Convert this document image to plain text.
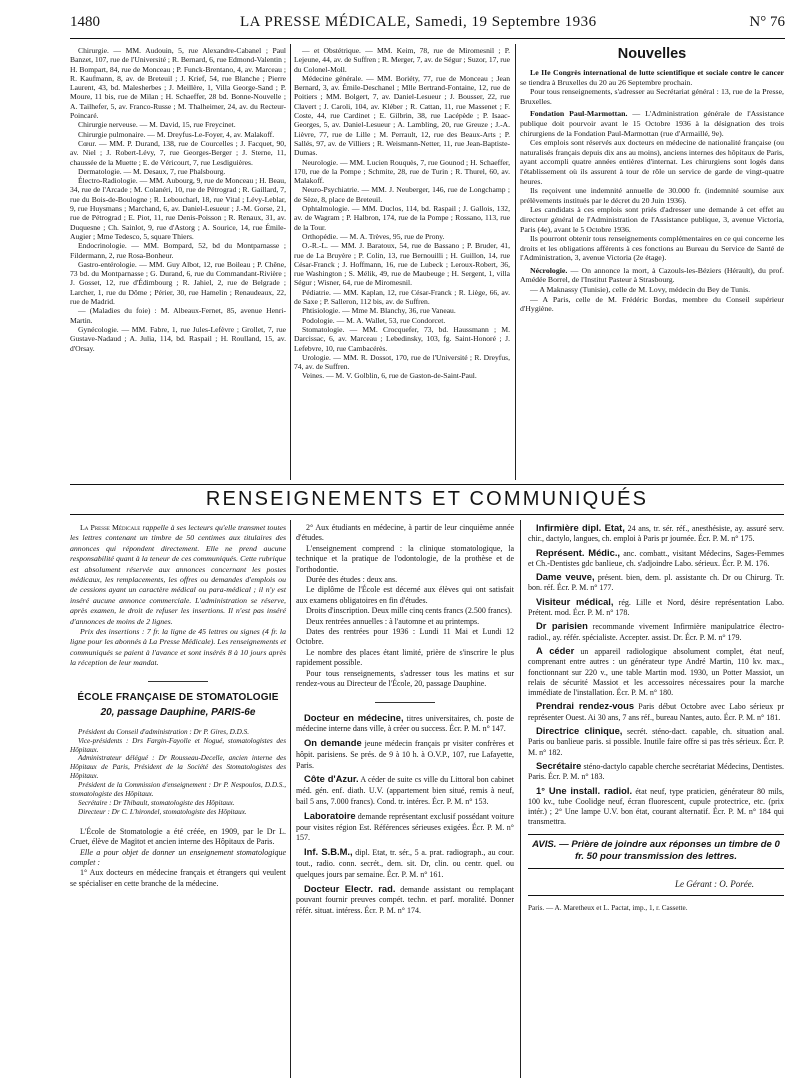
1480	LA PRESSE MÉDICALE, Samedi, 19 Septembre 1936	N° 76

Chirurgie. — MM. Audouin, 5, rue Alexandre-Cabanel ; Paul Banzet, 107, rue de l'Université ; R. Bernard, 6, rue Edmond-Valentin ; H. Bompart, 84, rue de Monceau ; P. Funck-Brentano, 4, av. Marceau ; R. Kaufmann, 8, av. de Breteuil ; J. Krief, 54, rue Blanche ; Pierre Laurent, 43, bd. Malesherbes ; J. Meillère, 1, Villa George-Sand ; P. Moure, 11 bis, rue de Milan ; H. Schaeffer, 28 bd. Bonne-Nouvelle ; A. Tailhefer, 5, av. Franco-Russe ; M. Thalheimer, 24, av. du Recteur-Poincaré.

Chirurgie nerveuse. — M. David, 15, rue Freycinet.

Chirurgie pulmonaire. — M. Dreyfus-Le-Foyer, 4, av. Malakoff.

Cœur. — MM. P. Durand, 138, rue de Courcelles ; J. Facquet, 90, av. Niel ; J. Robert-Lévy, 7, rue Georges-Berger ; J. Sterne, 11, chaussée de la Muette ; E. de Véricourt, 7, rue Lesdiguières.

Dermatologie. — M. Desaux, 7, rue Phalsbourg.

Électro-Radiologie. — MM. Aubourg, 9, rue de Monceau ; H. Beau, 34, rue de l'Arcade ; M. Colanéri, 10, rue de Pétrograd ; R. Gaillard, 7, rue du Bois-de-Boulogne ; R. Leboucharl, 18, rue Vital ; Lévy-Leblar, 9, rue Huysmans ; Marchand, 6, av. Daniel-Lesueur ; J.-M. Gorse, 21, rue de Pétrograd ; E. Piot, 11, rue Denis-Poisson ; R. Renaux, 31, av. Duquesne ; Ch. Sainlot, 9, rue d'Astorg ; A. Sourice, 14, rue Émile-Augier ; Mme Tedesco, 5, square Thiers.

Endocrinologie. — MM. Bompard, 52, bd du Montparnasse ; Fildermann, 2, rue Rosa-Bonheur.

Gastro-entérologie. — MM. Guy Albot, 12, rue Boileau ; P. Chêne, 73 bd. du Montparnasse ; G. Durand, 6, rue du Commandant-Rivière ; J. Gosset, 12, rue d'Édimbourg ; R. Jahiel, 2, rue de Belgrade ; Larcher, 1, rue du Dôme ; Périer, 30, rue Hamelin ; Renaudeaux, 22, rue de Madrid.

— (Maladies du foie) : M. Albeaux-Fernet, 85, avenue Henri-Martin.

Gynécologie. — MM. Fabre, 1, rue Jules-Lefèvre ; Grollet, 7, rue Gustave-Nadaud ; A. Julia, 114, bd. Raspail ; H. Roulland, 15, av. d'Orsay.

— et Obstétrique. — MM. Keim, 78, rue de Miromesnil ; P. Lejeune, 44, av. de Suffren ; R. Merger, 7, av. de Ségur ; Suzor, 17, rue du Colonel-Moll.

Médecine générale. — MM. Boriéty, 77, rue de Monceau ; Jean Bernard, 3, av. Émile-Deschanel ; Mlle Bertrand-Fontaine, 12, rue de Poitiers ; MM. Bolgert, 7, av. Daniel-Lesueur ; J. Bousser, 22, rue Clavert ; J. Caroli, 104, av. Kléber ; R. Cattan, 11, rue Massenet ; F. Coste, 44, rue Cardinet ; E. Gilbrin, 38, rue Lacépède ; P. Isaac-Georges, 5, av. Daniel-Lesueur ; A. Lambling, 20, rue Greuze ; J.-A. Lièvre, 77, rue de Lille ; M. Perrault, 12, rue des Beaux-Arts ; P. Sallés, 97, av. de Villiers ; R. Weismann-Netter, 11, rue Jean-Baptiste-Dumas.

Neurologie. — MM. Lucien Rouquès, 7, rue Gounod ; H. Schaeffer, 170, rue de la Pompe ; Schmite, 28, rue de Turin ; R. Thurel, 60, av. Malakoff.

Neuro-Psychiatrie. — MM. J. Neuberger, 146, rue de Longchamp ; de Sèze, 8, place de Breteuil.

Ophtalmologie. — MM. Duclos, 114, bd. Raspail ; J. Gallois, 132, av. de Wagram ; P. Halbron, 174, rue de la Pompe ; Rossano, 113, rue de la Tour.

Orthopédie. — M. A. Trèves, 95, rue de Prony.

O.-R.-L. — MM. J. Baratoux, 54, rue de Bassano ; P. Bruder, 41, rue de La Bruyère ; P. Colin, 13, rue Bernouilli ; H. Guillon, 14, rue César-Franck ; J. Hoffmann, 16, rue de Lubeck ; Leroux-Robert, 36, rue Washington ; S. Mélik, 49, rue de Maubeuge ; H. Sergent, 1, villa Ségur ; Wisner, 64, rue de Miromesnil.

Pédiatrie. — MM. Kaplan, 12, rue César-Franck ; R. Liège, 66, av. de Saxe ; P. Salleron, 112 bis, av. de Suffren.

Phtisiologie. — Mme M. Blanchy, 36, rue Vaneau.

Podologie. — M. A. Wallet, 53, rue Condorcet.

Stomatologie. — MM. Crocquefer, 73, bd. Haussmann ; M. Darcissac, 6, av. Marceau ; Lebedinsky, 103, fg. Saint-Honoré ; J. Lefebvre, 10, rue Cambacérès.

Urologie. — MM. R. Dossot, 170, rue de l'Université ; R. Dreyfus, 74, av. de Suffren.

Veines. — M. V. Golblin, 6, rue de Gaston-de-Saint-Paul.

Nouvelles

Le IIe Congrès international de lutte scientifique et sociale contre le cancer se tiendra à Bruxelles du 20 au 26 Septembre prochain.

Pour tous renseignements, s'adresser au Secrétariat général : 13, rue de la Presse, Bruxelles.

Fondation Paul-Marmottan. — L'Administration générale de l'Assistance publique doit pourvoir avant le 15 Octobre 1936 à la désignation des trois chirurgiens de la Fondation Paul-Marmottan (rue d'Armaillé, 9e).

Ces emplois sont réservés aux docteurs en médecine de nationalité française (ou naturalisés français depuis dix ans au moins), anciens internes des hôpitaux de Paris, ayant accompli quatre années entières d'internat. Les chirurgiens sont logés dans l'établissement où ils assurent à tour de rôle un service de garde de vingt-quatre heures.

Ils reçoivent une indemnité annuelle de 30.000 fr. (indemnité soumise aux prélèvements institués par le décret du 20 Juin 1936).

Les candidats à ces emplois sont priés d'adresser une demande à cet effet au directeur général de l'Administration de l'Assistance publique, 3, avenue Victoria, Paris (4e), avant le 5 Octobre 1936.

Ils pourront obtenir tous renseignements complémentaires en ce qui concerne les droits et les obligations afférents à ces fonctions au Bureau du Service de Santé de l'Administration, 3, avenue Victoria (2e étage).

Nécrologie. — On annonce la mort, à Cazouls-les-Béziers (Hérault), du prof. Amédée Borrel, de l'Institut Pasteur à Strasbourg.

— A Maknassy (Tunisie), celle de M. Lovy, médecin du Bey de Tunis.

— A Paris, celle de M. Frédéric Bordas, membre du Conseil supérieur d'Hygiène.

RENSEIGNEMENTS ET COMMUNIQUÉS

La Presse Médicale rappelle à ses lecteurs qu'elle transmet toutes les lettres contenant un timbre de 50 centimes aux titulaires des annonces qui répondent directement. Elle ne prend aucune responsabilité quant à la teneur de ces communiqués. Cette rubrique est absolument réservée aux annonces concernant les postes médicaux, les remplacements, les offres ou demandes d'emplois ou de cessions ayant un caractère médical ou para-médical ; il n'y est inséré aucune annonce commerciale. L'administration se réserve, après examen, le droit de refuser les insertions. Il n'est pas inséré d'annonces de moins de 2 lignes.

Prix des insertions : 7 fr. la ligne de 45 lettres ou signes (4 fr. la ligne pour les abonnés à La Presse Médicale). Les renseignements et communiqués se paient à l'avance et sont insérés 8 à 10 jours après la réception de leur mandat.

ÉCOLE FRANÇAISE DE STOMATOLOGIE
20, passage Dauphine, PARIS-6e

Président du Conseil d'administration : Dr P. Gires, D.D.S.

Vice-présidents : Drs Fargin-Fayolle et Nogué, stomatologistes des Hôpitaux.

Administrateur délégué : Dr Rousseau-Decelle, ancien interne des Hôpitaux de Paris, Président de la Société des Stomatologistes des Hôpitaux.

Président de la Commission d'enseignement : Dr P. Nespoulos, D.D.S., stomatologiste des Hôpitaux.

Secrétaire : Dr Thibault, stomatologiste des Hôpitaux.

Directeur : Dr C. L'hirondel, stomatologiste des Hôpitaux.

L'École de Stomatologie a été créée, en 1909, par le Dr L. Cruet, élève de Magitot et ancien interne des Hôpitaux de Paris.

Elle a pour objet de donner un enseignement stomatologique complet :

1° Aux docteurs en médecine français et étrangers qui veulent se spécialiser en cette branche de la médecine.

2° Aux étudiants en médecine, à partir de leur cinquième année d'études.

L'enseignement comprend : la clinique stomatologique, la technique et la pratique de l'odontologie, de la prothèse et de l'orthodontie.

Durée des études : deux ans.

Le diplôme de l'École est décerné aux élèves qui ont satisfait aux examens obligatoires en fin d'études.

Droits d'inscription. Deux mille cinq cents francs (2.500 francs).

Deux rentrées annuelles : à l'automne et au printemps.

Dates des rentrées pour 1936 : Lundi 11 Mai et Lundi 12 Octobre.

Le nombre des places étant limité, prière de s'inscrire le plus rapidement possible.

Pour tous renseignements, s'adresser tous les matins et sur rendez-vous au Directeur de l'École, 20, passage Dauphine.

Docteur en médecine, titres universitaires, ch. poste de médecine interne dans ville, à créer ou success. Écr. P. M. n° 147.

On demande jeune médecin français pr visiter confrères et hôpit. parisiens. Se prés. de 9 à 10 h. à O.V.P., 107, rue Lafayette, Paris.

Côte d'Azur. A céder de suite cs ville du Littoral bon cabinet méd. gén. enf. diath. U.V. (appartement bien situé, remis à neuf, bail 5 ans, 7.000 francs). Cond. tr. intéres. Écr. P. M. n° 153.

Laboratoire demande représentant exclusif possédant voiture pour visites région Est. Références sérieuses exigées. Écr. P. M. n° 157.

Inf. S.B.M., dipl. Etat, tr. sér., 5 a. prat. radiograph., au cour. tout., radio. conn. secrét., dem. sit. Dr, clin. ou centr. quel. ou quelques jours par semaine. Écr. P. M. n° 161.

Docteur Electr. rad. demande assistant ou remplaçant pouvant fournir preuves compét. techn. et parf. moralité. Donner référ. situat. intéress. Écr. P. M. n° 174.

Infirmière dipl. Etat, 24 ans, tr. sér. réf., anesthésiste, ay. assuré serv. chir., dactylo, langues, ch. emploi à Paris pr journée. Écr. P. M. n° 175.

Représent. Médic., anc. combatt., visitant Médecins, Sages-Femmes et Ch.-Dentistes gdc banlieue, ch. s'adjoindre Labo. sérieux. Écr. P. M. 176.

Dame veuve, présent. bien, dem. pl. assistante ch. Dr ou Chirurg. Tr. bon. réf. Écr. P. M. n° 177.

Visiteur médical, rég. Lille et Nord, désire représentation Labo. Prétent. mod. Écr. P. M. n° 178.

Dr parisien recommande vivement Infirmière manipulatrice électro-radiol., ay. référ. spécialiste. Accepter. assist. Dr. Écr. P. M. n° 179.

A céder un appareil radiologique absolument complet, état neuf, comprenant entre autres : un générateur type André Martin, 110 kv. max., fonctionnant sur 220 v., une table Martin mod. 1930, un Potter Massiot, un relais de sécurité Massiot et les accessoires nécessaires pour la marche immédiate de l'installation. Écr. P. M. n° 180.

Prendrai rendez-vous Paris début Octobre avec Labo sérieux pr représenter Ouest. Ai 30 ans, 7 ans réf., bureau Nantes, auto. Écr. P. M. n° 181.

Directrice clinique, secrét. sténo-dact. capable, ch. situation anal. Paris ou banlieue paris. si possible. Inutile faire offre si pas très sérieux. Écr. P. M. n° 182.

Secrétaire sténo-dactylo capable cherche secrétariat Médecins, Dentistes. Paris. Écr. P. M. n° 183.

1° Une install. radiol. état neuf, type praticien, générateur 80 mils, 100 kv., tube Coolidge neuf, écran fluorescent, cupule protectrice, etc. (prix intér.) ; 2° Une lampe U.V. bon état, courant alternatif. Écr. P. M. n° 184 qui transmettra.

AVIS. — Prière de joindre aux réponses un timbre de 0 fr. 50 pour transmission des lettres.
Le Gérant : O. Porée.
Paris. — A. Maretheux et L. Pactat, imp., 1, r. Cassette.
